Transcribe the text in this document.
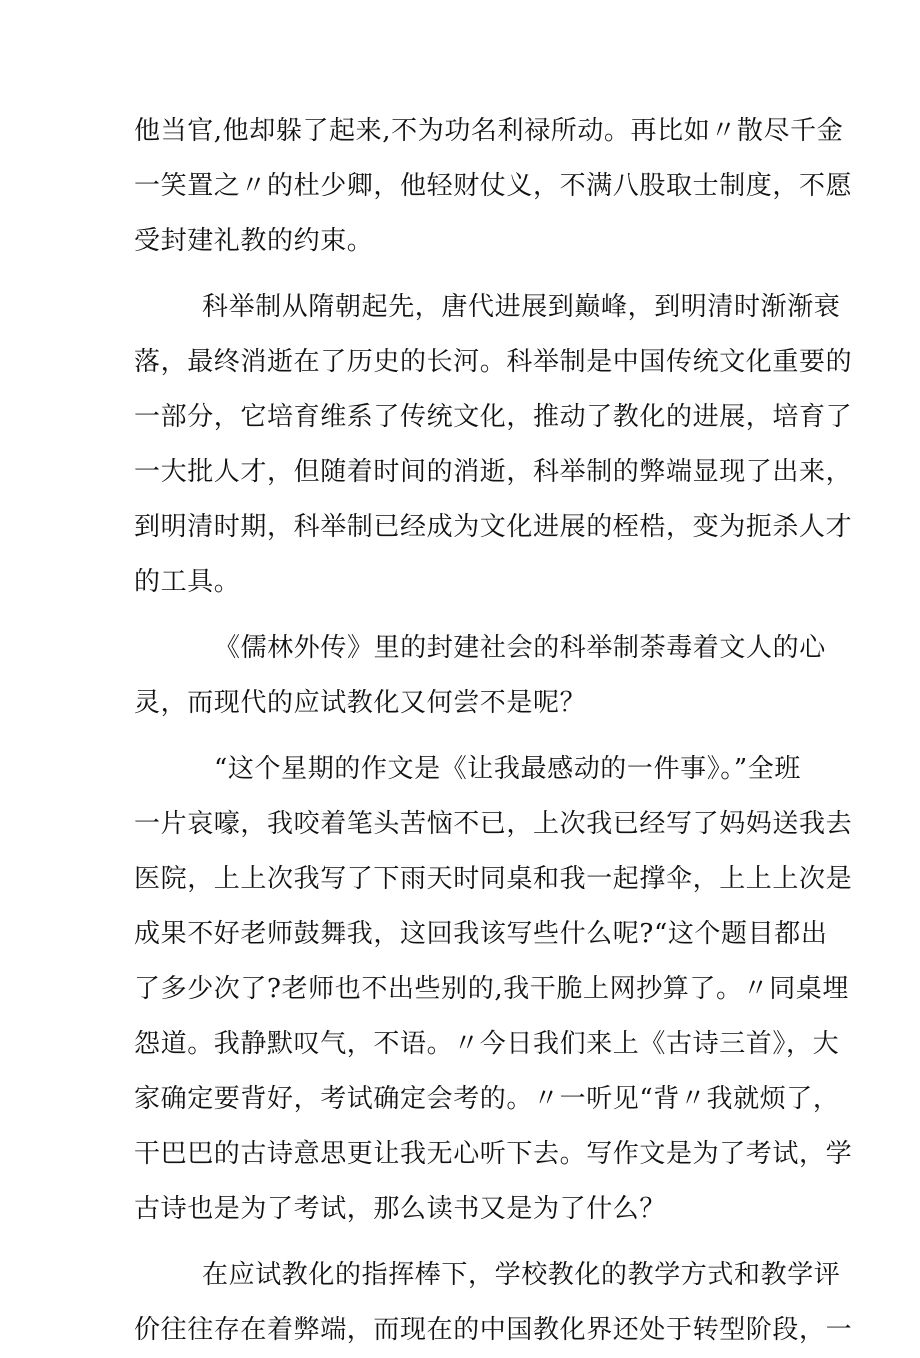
他当官,他却躲了起来,不为功名利禄所动。再比如〃散尽千金
一笑置之〃的杜少卿，他轻财仗义，不满八股取士制度，不愿
受封建礼教的约束。
科举制从隋朝起先，唐代进展到巅峰，到明清时渐渐衰
落，最终消逝在了历史的长河。科举制是中国传统文化重要的
一部分，它培育维系了传统文化，推动了教化的进展，培育了
一大批人才，但随着时间的消逝，科举制的弊端显现了出来，
到明清时期，科举制已经成为文化进展的桎梏，变为扼杀人才
的工具。
《儒林外传》里的封建社会的科举制荼毒着文人的心
灵，而现代的应试教化又何尝不是呢？
“这个星期的作文是《让我最感动的一件事》。”全班
一片哀嚎，我咬着笔头苦恼不已，上次我已经写了妈妈送我去
医院，上上次我写了下雨天时同桌和我一起撑伞，上上上次是
成果不好老师鼓舞我，这回我该写些什么呢?“这个题目都出
了多少次了?老师也不出些别的,我干脆上网抄算了。〃同桌埋
怨道。我静默叹气，不语。〃今日我们来上《古诗三首》，大
家确定要背好，考试确定会考的。〃一听见“背〃我就烦了，
干巴巴的古诗意思更让我无心听下去。写作文是为了考试，学
古诗也是为了考试，那么读书又是为了什么？
在应试教化的指挥棒下，学校教化的教学方式和教学评
价往往存在着弊端，而现在的中国教化界还处于转型阶段，一
